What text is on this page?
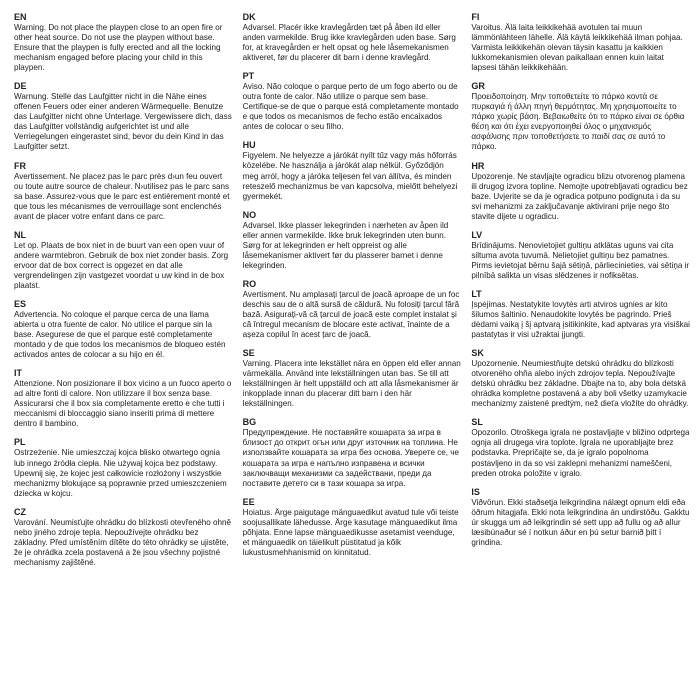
EN

Warning. Do not place the playpen close to an open fire or other heat source. Do not use the playpen without base. Ensure that the playpen is fully erected and all the locking mechanism engaged before placing your child in this playpen.

DE

Warnung. Stelle das Laufgitter nicht in die Nähe eines offenen Feuers oder einer anderen Wärmequelle. Benutze das Laufgitter nicht ohne Unterlage. Vergewissere dich, dass das Laufgitter vollständig aufgerichtet ist und alle Verriegelungen eingerastet sind, bevor du dein Kind in das Laufgitter setzt.

FR

Avertissement. Ne placez pas le parc près d›un feu ouvert ou toute autre source de chaleur. N›utilisez pas le parc sans sa base. Assurez-vous que le parc est entièrement monté et que tous les mécanismes de verrouillage sont enclenchés avant de placer votre enfant dans ce parc.

NL

Let op. Plaats de box niet in de buurt van een open vuur of andere warmtebron. Gebruik de box niet zonder basis. Zorg ervoor dat de box correct is opgezet en dat alle vergrendelingen zijn vastgezet voordat u uw kind in de box plaatst.

ES

Advertencia. No coloque el parque cerca de una llama abierta u otra fuente de calor. No utilice el parque sin la base. Asegurese de que el parque esté completamente montado y de que todos los mecanismos de bloqueo estén activados antes de colocar a su hijo en él.

IT

Attenzione. Non posizionare il box vicino a un fuoco aperto o ad altre fonti di calore. Non utilizzare il box senza base. Assicurarsi che il box sia completamente eretto e che tutti i meccanismi di bloccaggio siano inseriti prima di mettere dentro il bambino.

PL

Ostrzeżenie. Nie umieszczaj kojca blisko otwartego ognia lub innego źródła ciepła. Nie używaj kojca bez podstawy. Upewnij się, że kojec jest całkowicie rozłożony i wszystkie mechanizmy blokujące są poprawnie przed umieszczeniem dziecka w kojcu.

CZ

Varování. Neumisťujte ohrádku do blízkosti otevřeného ohně nebo jiného zdroje tepla. Nepoužívejte ohrádku bez základny. Před umístěním dítěte do této ohrádky se ujistěte, že je ohrádka zcela postavená a že jsou všechny pojistné mechanismy zajištěné.

DK

Advarsel. Placér ikke kravlegården tæt på åben ild eller anden varmekilde. Brug ikke kravlegården uden base. Sørg for, at kravegården er helt opsat og hele låsemekanismen aktiveret, før du placerer dit barn i denne kravlegård.

PT

Aviso. Não coloque o parque perto de um fogo aberto ou de outra fonte de calor. Não utilize o parque sem base. Certifique-se de que o parque está completamente montado e que todos os mecanismos de fecho estão encaixados antes de colocar o seu filho.

HU

Figyelem. Ne helyezze a járókát nyílt tűz vagy más hőforrás közelébe. Ne használja a járókát alap nélkül. Győződjön meg arról, hogy a járóka teljesen fel van állítva, és minden reteszelő mechanizmus be van kapcsolva, mielőtt behelyezi gyermekét.

NO

Advarsel. Ikke plasser lekegrinden i nærheten av åpen ild eller annen varmekilde. Ikke bruk lekegrinden uten bunn. Sørg for at lekegrinden er helt oppreist og alle låsemekanismer aktivert før du plasserer barnet i denne lekegrinden.

RO

Avertisment. Nu amplasați țarcul de joacă aproape de un foc deschis sau de o altă sursă de căldură. Nu folosiți țarcul fără bază. Asigurați-vă că țarcul de joacă este complet instalat și că întregul mecanism de blocare este activat, înainte de a așeza copilul în acest țarc de joacă.

SE

Varning. Placera inte lekstället nära en öppen eld eller annan värmekälla. Använd inte lekställningen utan bas. Se till att lekställningen är helt uppställd och att alla låsmekanismer är inkopplade innan du placerar ditt barn i den här lekställningen.

BG

Предупреждение. Не поставяйте кошарата за игра в близост до открит огън или друг източник на топлина. Не използвайте кошарата за игра без основа. Уверете се, че кошарата за игра е напълно изправена и всички заключващи механизми са задействани, преди да поставите детето си в тази кошара за игра.

EE

Hoiatus. Ärge paigutage mänguaedikut avatud tule või teiste soojusallikate lähedusse. Ärge kasutage mänguaedikut ilma põhjata. Enne lapse mänguaedikusse asetamist veenduge, et mänguaedik on täielikult püstitatud ja kõik lukustusmehhanismid on kinnitatud.

FI

Varoitus. Älä laita leikkikehää avotulen tai muun lämmönlähteen lähelle. Älä käytä leikkikehää ilman pohjaa. Varmista leikkikehän olevan täysin kasattu ja kaikkien lukkomekanismien olevan paikallaan ennen kuin laitat lapsesi tähän leikkikehään.

GR

Προειδοποίηση. Μην τοποθετείτε το πάρκο κοντά σε πυρκαγιά ή άλλη πηγή θερμότητας. Μη χρησιμοποιείτε το πάρκο χωρίς βάση. Βεβαιωθείτε ότι το πάρκο είναι σε όρθια θέση και ότι έχει ενεργοποιηθεί όλος ο μηχανισμός ασφάλισης πριν τοποθετήσετε το παιδί σας σε αυτό το πάρκο.

HR

Upozorenje. Ne stavljajte ogradicu blizu otvorenog plamena ili drugog izvora topline. Nemojte upotrebljavati ogradicu bez baze. Uvjerite se da je ogradica potpuno podignuta i da su svi mehanizmi za zaključavanje aktivirani prije nego što stavite dijete u ogradicu.

LV

Brīdinājums. Nenovietojiet gultiņu atklātas uguns vai cita siltuma avota tuvumā. Nelietojiet gultiņu bez pamatnes. Pirms ievietojat bērnu šajā sētiņā, pārliecinieties, vai sētiņa ir pilnībā salikta un visas slēdzenes ir nofiksētas.

LT

Įspėjimas. Nestatykite lovytės arti atviros ugnies ar kito šilumos šaltinio. Nenaudokite lovytės be pagrindo. Prieš dėdami vaiką į šį aptvarą įsitikinkite, kad aptvaras yra visiškai pastatytas ir visi užraktai įjungti.

SK

Upozornenie. Neumiestňujte detskú ohrádku do blízkosti otvoreného ohňa alebo iných zdrojov tepla. Nepoužívajte detskú ohrádku bez základne. Dbajte na to, aby bola detská ohrádka kompletne postavená a aby boli všetky uzamykacie mechanizmy zaistené predtým, než dieťa vložíte do ohrádky.

SL

Opozorilo. Otroškega igrala ne postavljajte v bližino odprtega ognja ali drugega vira toplote. Igrala ne uporabljajte brez podstavka. Prepričajte se, da je igralo popolnoma postavljeno in da so vsi zaklepni mehanizmi nameščeni, preden otroka položite v igralo.

IS

Viðvörun. Ekki staðsetja leikgrindina nálægt opnum eldi eða öðrum hitagjafa. Ekki nota leikgrindina án undirstöðu. Gakktu úr skugga um að leikgrindin sé sett upp að fullu og að allur læsibúnaður sé í notkun áður en þú setur barnið þitt í grindina.
